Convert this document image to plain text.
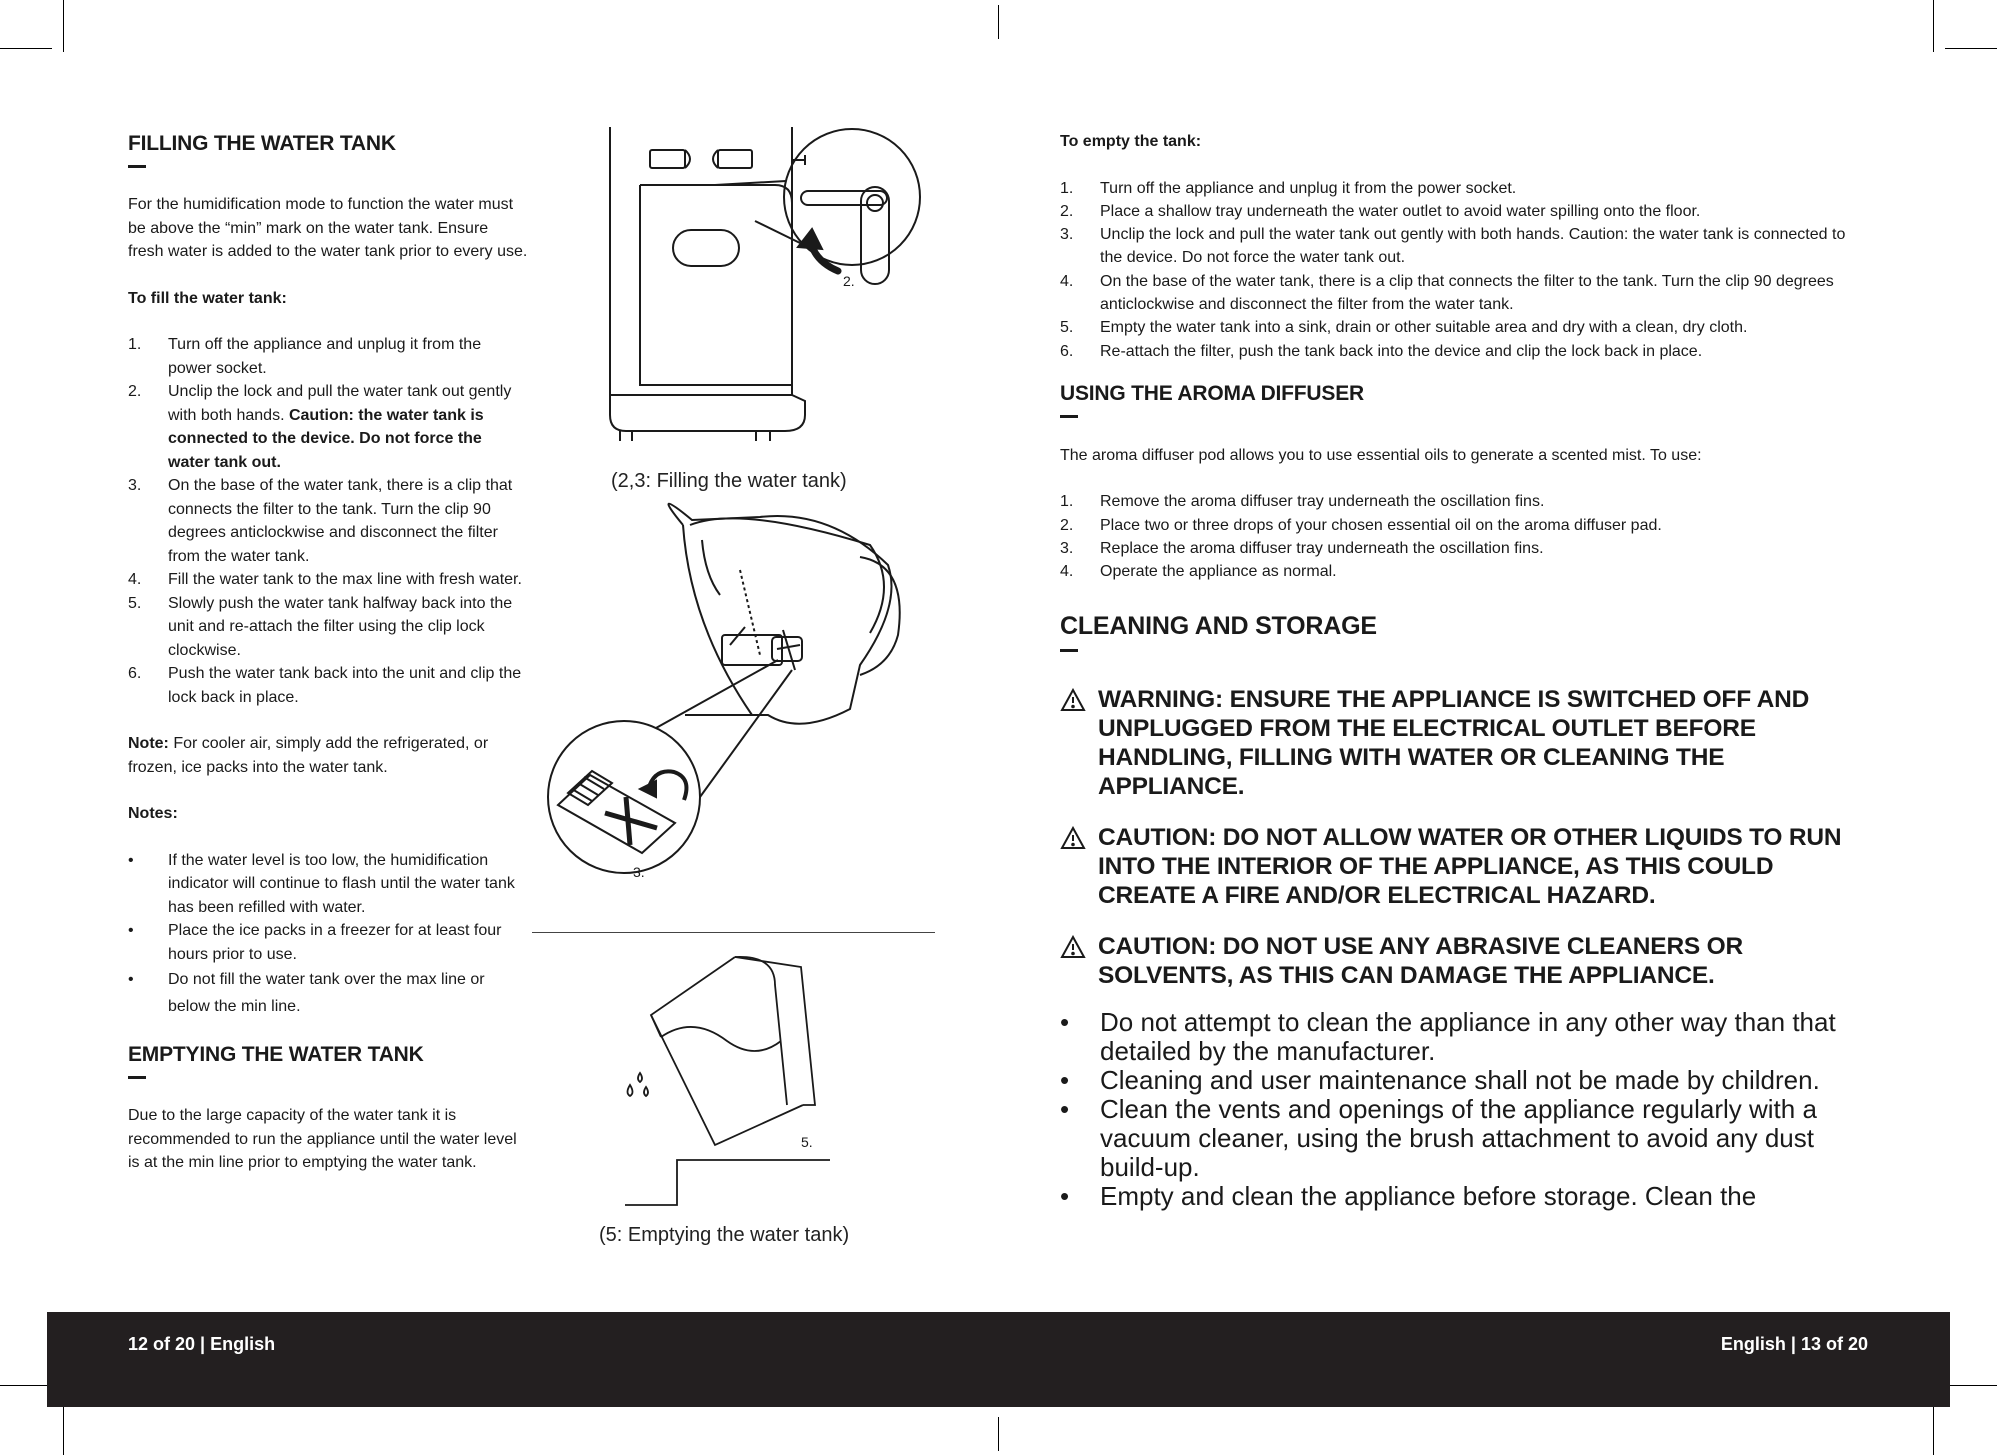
FILLING THE WATER TANK

For the humidification mode to function the water must be above the “min” mark on the water tank. Ensure fresh water is added to the water tank prior to every use.

To fill the water tank:

1. Turn off the appliance and unplug it from the power socket.
2. Unclip the lock and pull the water tank out gently with both hands. Caution: the water tank is connected to the device. Do not force the water tank out.
3. On the base of the water tank, there is a clip that connects the filter to the tank. Turn the clip 90 degrees anticlockwise and disconnect the filter from the water tank.
4. Fill the water tank to the max line with fresh water.
5. Slowly push the water tank halfway back into the unit and re-attach the filter using the clip lock clockwise.
6. Push the water tank back into the unit and clip the lock back in place.

Note: For cooler air, simply add the refrigerated, or frozen, ice packs into the water tank.

Notes:

• If the water level is too low, the humidification indicator will continue to flash until the water tank has been refilled with water.
• Place the ice packs in a freezer for at least four hours prior to use.
• Do not fill the water tank over the max line or below the min line.
EMPTYING THE WATER TANK

Due to the large capacity of the water tank it is recommended to run the appliance until the water level is at the min line prior to emptying the water tank.

2.
3.
(2,3: Filling the water tank)
5.
(5: Emptying the water tank)

To empty the tank:

1. Turn off the appliance and unplug it from the power socket.
2. Place a shallow tray underneath the water outlet to avoid water spilling onto the floor.
3. Unclip the lock and pull the water tank out gently with both hands. Caution: the water tank is connected to the device. Do not force the water tank out.
4. On the base of the water tank, there is a clip that connects the filter to the tank. Turn the clip 90 degrees anticlockwise and disconnect the filter from the water tank.
5. Empty the water tank into a sink, drain or other suitable area and dry with a clean, dry cloth.
6. Re-attach the filter, push the tank back into the device and clip the lock back in place.
USING THE AROMA DIFFUSER

The aroma diffuser pod allows you to use essential oils to generate a scented mist. To use:

1. Remove the aroma diffuser tray underneath the oscillation fins.
2. Place two or three drops of your chosen essential oil on the aroma diffuser pad.
3. Replace the aroma diffuser tray underneath the oscillation fins.
4. Operate the appliance as normal.
CLEANING AND STORAGE
WARNING: ENSURE THE APPLIANCE IS SWITCHED OFF AND UNPLUGGED FROM THE ELECTRICAL OUTLET BEFORE HANDLING, FILLING WITH WATER OR CLEANING THE APPLIANCE.
CAUTION: DO NOT ALLOW WATER OR OTHER LIQUIDS TO RUN INTO THE INTERIOR OF THE APPLIANCE, AS THIS COULD CREATE A FIRE AND/OR ELECTRICAL HAZARD.
CAUTION: DO NOT USE ANY ABRASIVE CLEANERS OR SOLVENTS, AS THIS CAN DAMAGE THE APPLIANCE.
• Do not attempt to clean the appliance in any other way than that detailed by the manufacturer.
• Cleaning and user maintenance shall not be made by children.
• Clean the vents and openings of the appliance regularly with a vacuum cleaner, using the brush attachment to avoid any dust build-up.
• Empty and clean the appliance before storage. Clean the
12 of 20 | English	English | 13 of 20
